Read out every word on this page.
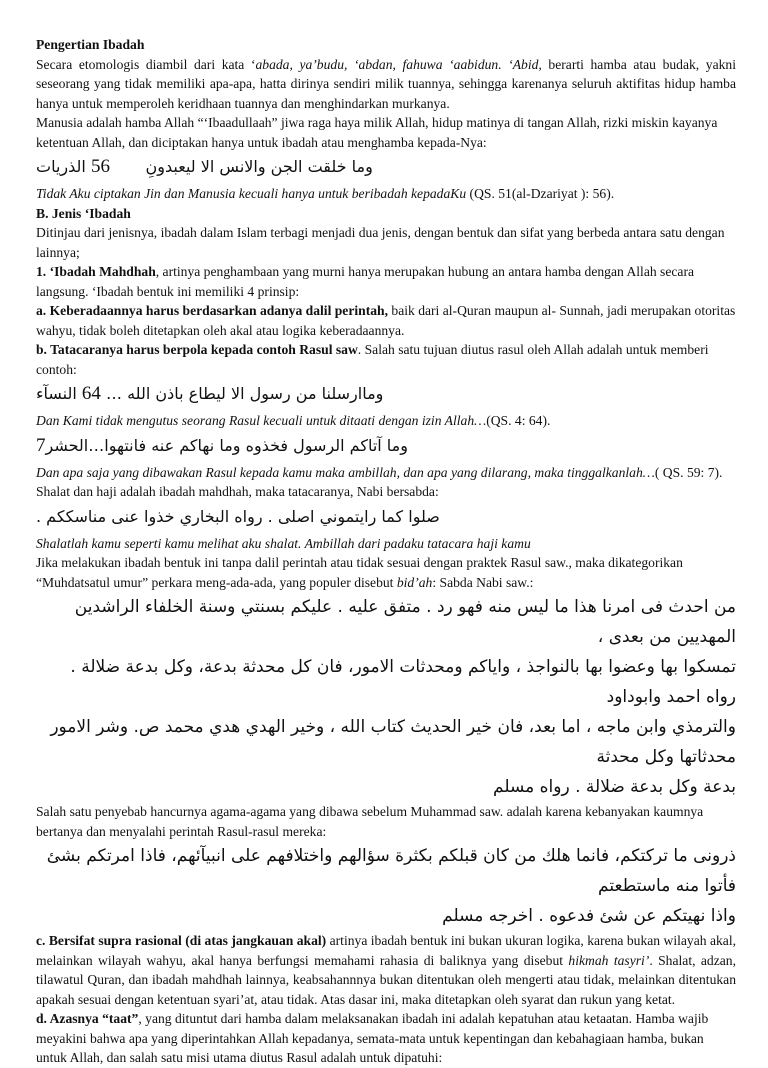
Pengertian Ibadah

Secara etomologis diambil dari kata ‘abada, ya’budu, ‘abdan, fahuwa ‘aabidun. ‘Abid, berarti hamba atau budak, yakni seseorang yang tidak memiliki apa-apa, hatta dirinya sendiri milik tuannya, sehingga karenanya seluruh aktifitas hidup hamba hanya untuk memperoleh keridhaan tuannya dan menghindarkan murkanya.

Manusia adalah hamba Allah “‘Ibaadullaah” jiwa raga haya milik Allah, hidup matinya di tangan Allah, rizki miskin kayanya ketentuan Allah, dan diciptakan hanya untuk ibadah atau menghamba kepada-Nya:

وما خلقت الجن والانس الا ليعبدونِ       56 الذريات

Tidak Aku ciptakan Jin dan Manusia kecuali hanya untuk beribadah kepadaKu (QS. 51(al-Dzariyat ): 56).

B. Jenis ‘Ibadah

Ditinjau dari jenisnya, ibadah dalam Islam terbagi menjadi dua jenis, dengan bentuk dan sifat yang berbeda antara satu dengan lainnya;

1. ‘Ibadah Mahdhah, artinya penghambaan yang murni hanya merupakan hubung an antara hamba dengan Allah secara langsung. ‘Ibadah bentuk ini memiliki 4 prinsip:

a. Keberadaannya harus berdasarkan adanya dalil perintah, baik dari al-Quran maupun al- Sunnah, jadi merupakan otoritas wahyu, tidak boleh ditetapkan oleh akal atau logika keberadaannya.

b. Tatacaranya harus berpola kepada contoh Rasul saw. Salah satu tujuan diutus rasul oleh Allah adalah untuk memberi contoh:

وماارسلنا من رسول الا ليطاع باذن الله … 64 النسآء

Dan Kami tidak mengutus seorang Rasul kecuali untuk ditaati dengan izin Allah…(QS. 4: 64).

وما آتاكم الرسول فخذوه وما نهاكم عنه فانتهوا…الحشر7

Dan apa saja yang dibawakan Rasul kepada kamu maka ambillah, dan apa yang dilarang, maka tinggalkanlah…( QS. 59: 7).

Shalat dan haji adalah ibadah mahdhah, maka tatacaranya, Nabi bersabda:

صلوا كما رايتموني اصلى . رواه البخاري خذوا عنى مناسككم .

Shalatlah kamu seperti kamu melihat aku shalat. Ambillah dari padaku tatacara haji kamu

Jika melakukan ibadah bentuk ini tanpa dalil perintah atau tidak sesuai dengan praktek Rasul saw., maka dikategorikan “Muhdatsatul umur” perkara meng-ada-ada, yang populer disebut bid’ah: Sabda Nabi saw.:

من احدث فى امرنا هذا ما ليس منه فهو رد . متفق عليه . عليكم بسنتي وسنة الخلفاء الراشدين المهديين من بعدى ،

تمسكوا بها وعضوا بها بالنواجذ ، واياكم ومحدثات الامور، فان كل محدثة بدعة، وكل بدعة ضلالة . رواه احمد وابوداود

والترمذي وابن ماجه ، اما بعد، فان خير الحديث كتاب الله ، وخير الهدي هدي محمد ص. وشر الامور محدثاتها وكل محدثة

بدعة وكل بدعة ضلالة . رواه مسلم

Salah satu penyebab hancurnya agama-agama yang dibawa sebelum Muhammad saw. adalah karena kebanyakan kaumnya bertanya dan menyalahi perintah Rasul-rasul mereka:

ذرونى ما تركتكم، فانما هلك من كان قبلكم بكثرة سؤالهم واختلافهم على انبيآئهم، فاذا امرتكم بشئ فأتوا منه ماستطعتم

واذا نهيتكم عن شئ فدعوه . اخرجه مسلم

c. Bersifat supra rasional (di atas jangkauan akal) artinya ibadah bentuk ini bukan ukuran logika, karena bukan wilayah akal, melainkan wilayah wahyu, akal hanya berfungsi memahami rahasia di baliknya yang disebut hikmah tasyri’. Shalat, adzan, tilawatul Quran, dan ibadah mahdhah lainnya, keabsahannnya bukan ditentukan oleh mengerti atau tidak, melainkan ditentukan apakah sesuai dengan ketentuan syari’at, atau tidak. Atas dasar ini, maka ditetapkan oleh syarat dan rukun yang ketat.

d. Azasnya “taat”, yang dituntut dari hamba dalam melaksanakan ibadah ini adalah kepatuhan atau ketaatan. Hamba wajib meyakini bahwa apa yang diperintahkan Allah kepadanya, semata-mata untuk kepentingan dan kebahagiaan hamba, bukan untuk Allah, dan salah satu misi utama diutus Rasul adalah untuk dipatuhi:
